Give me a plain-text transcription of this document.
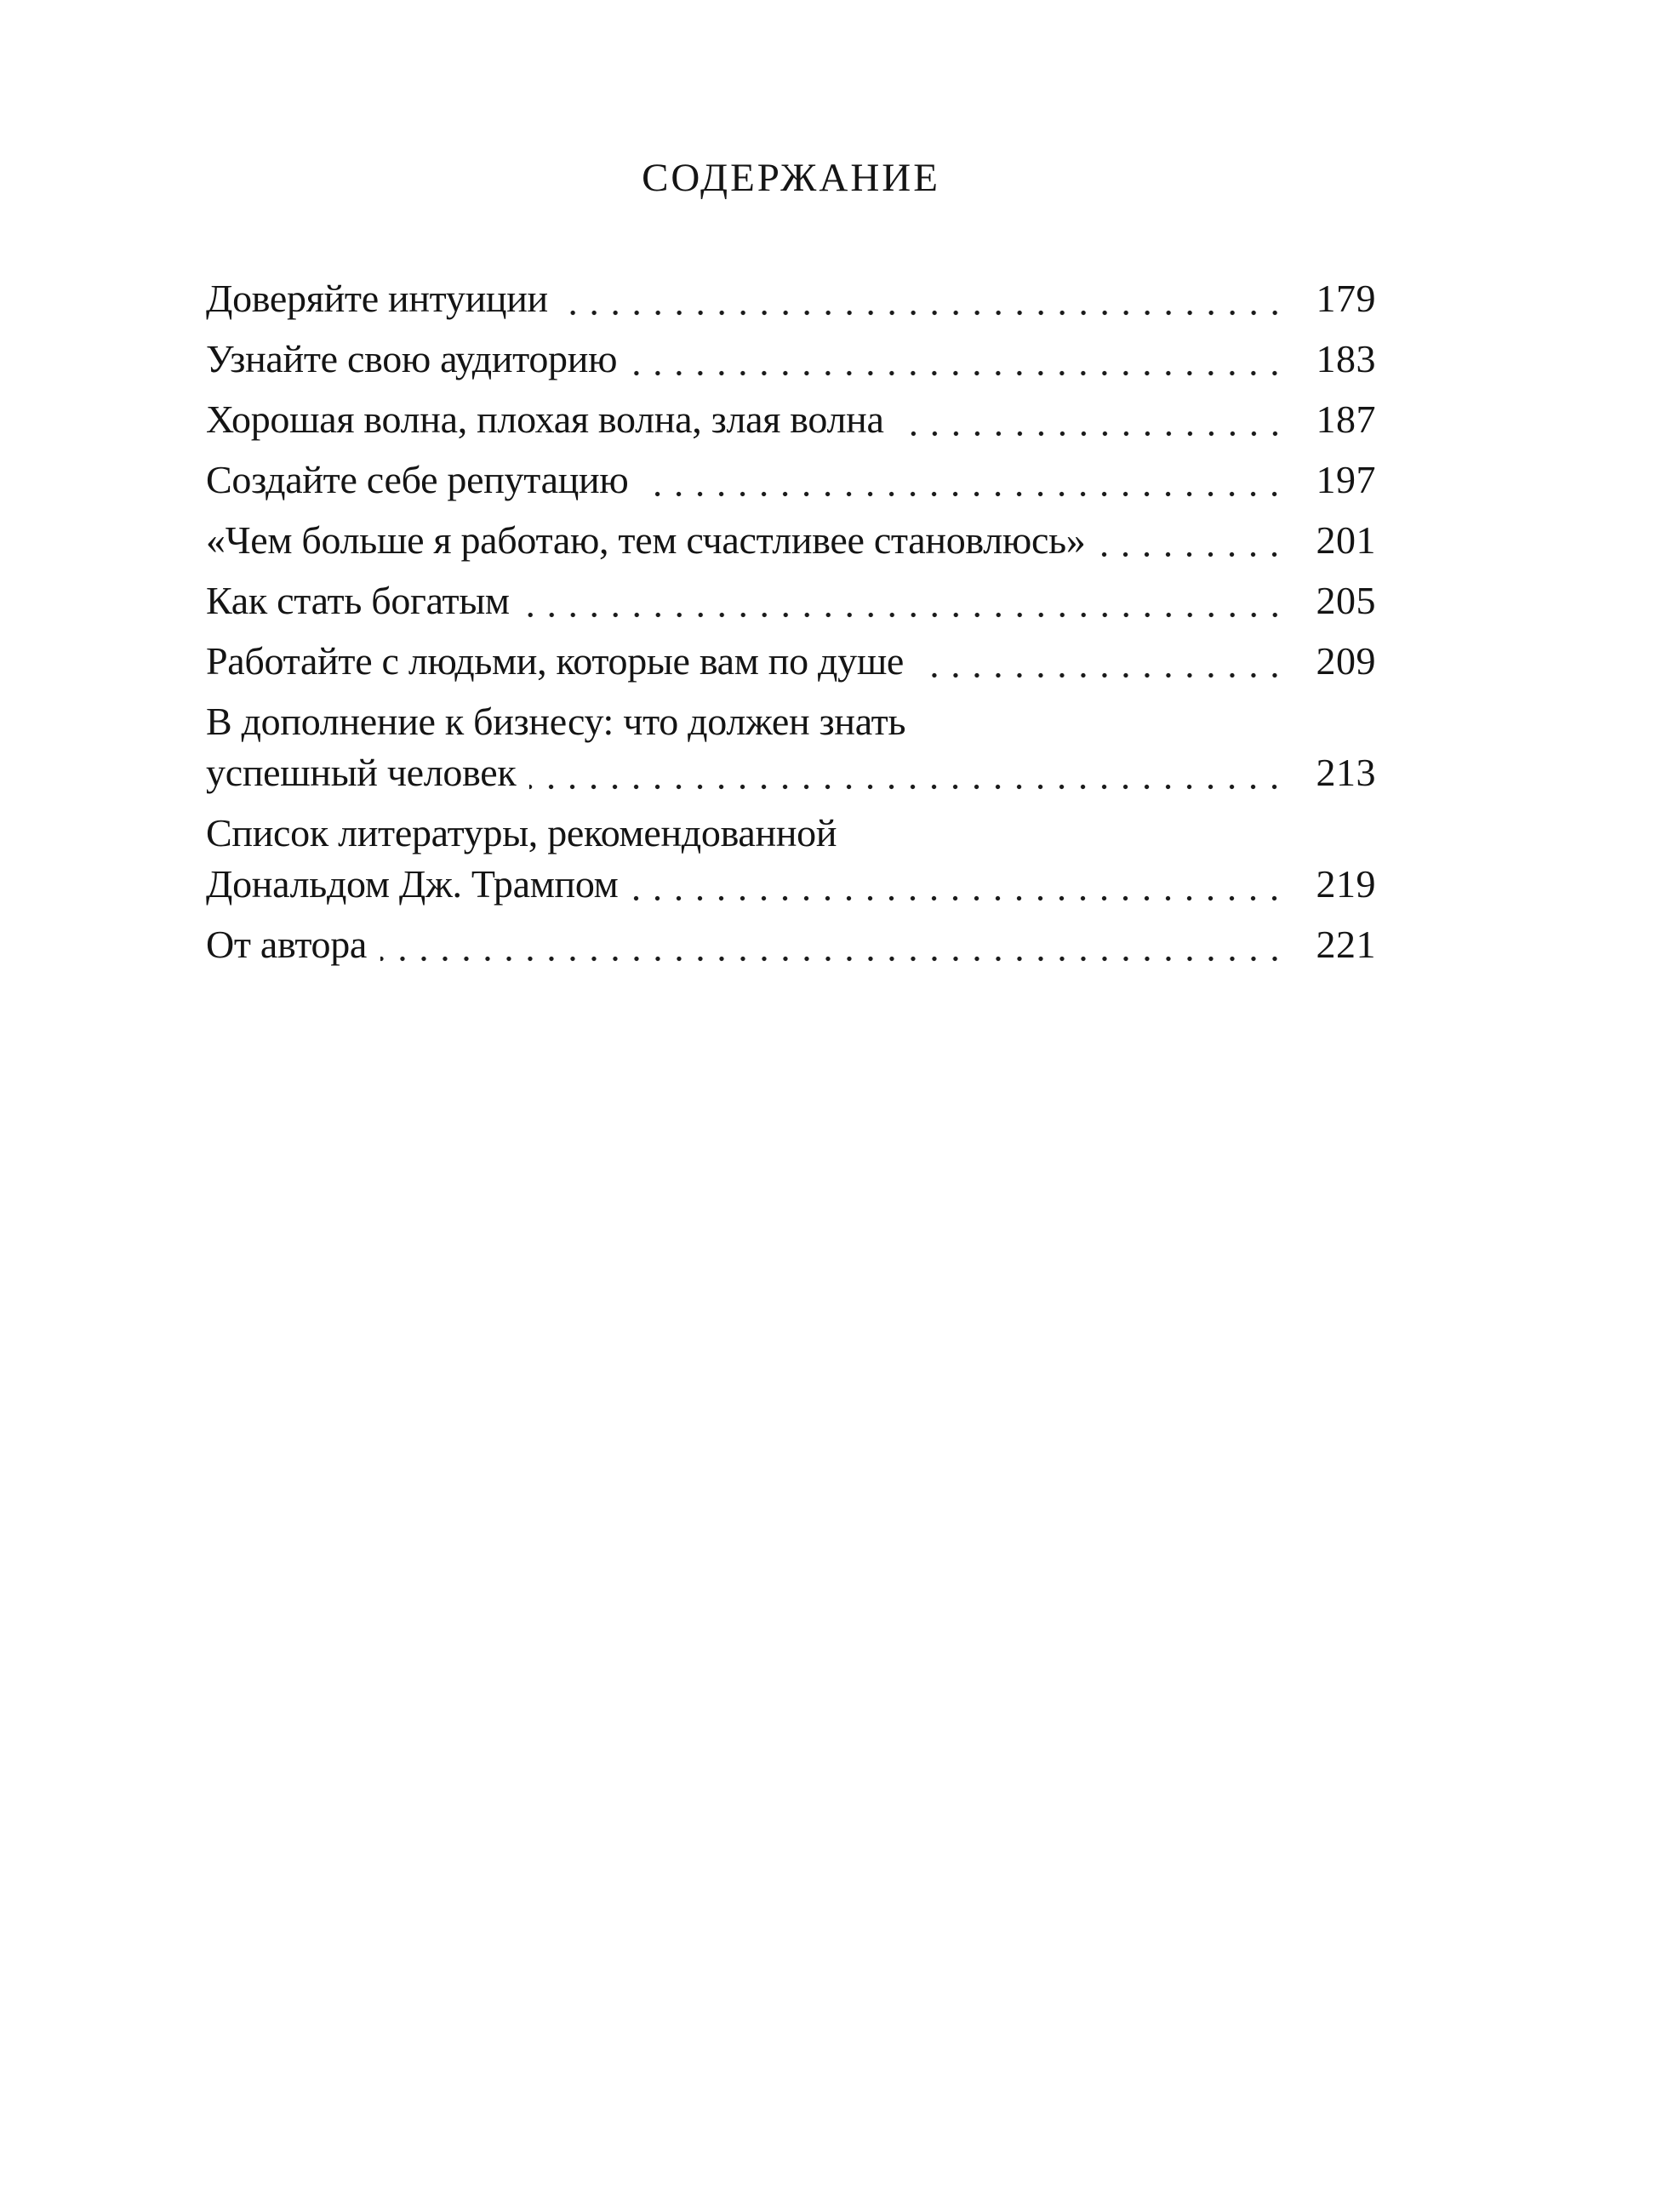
СОДЕРЖАНИЕ
Доверяйте интуиции	179
Узнайте свою аудиторию	183
Хорошая волна, плохая волна, злая волна	187
Создайте себе репутацию	197
«Чем больше я работаю, тем счастливее становлюсь»	201
Как стать богатым	205
Работайте с людьми, которые вам по душе	209
В дополнение к бизнесу: что должен знать
успешный человек	213
Список литературы, рекомендованной
Дональдом Дж. Трампом	219
От автора	221
